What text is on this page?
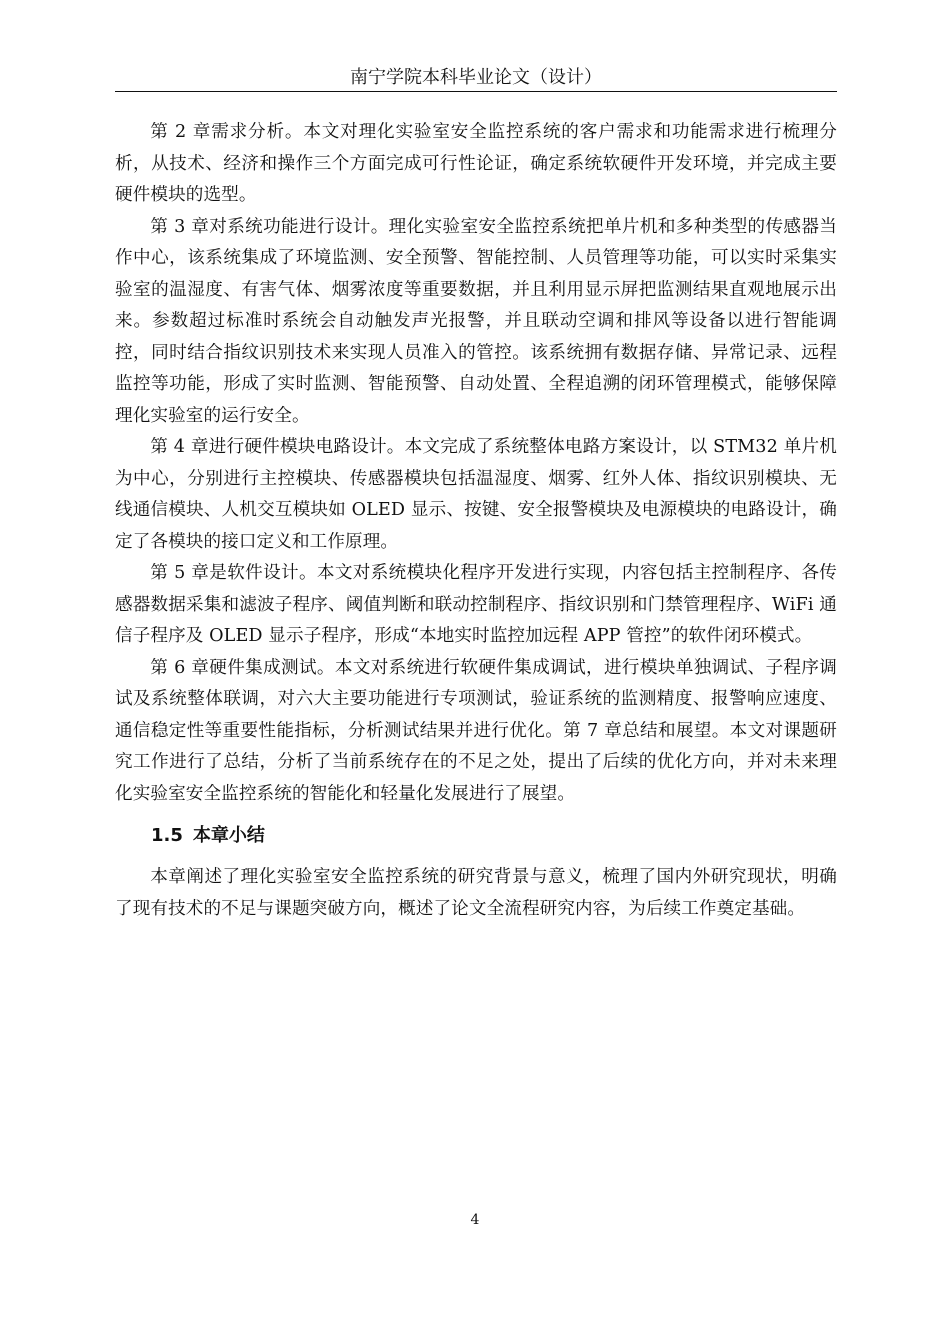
南宁学院本科毕业论文（设计）

第 2 章需求分析。本文对理化实验室安全监控系统的客户需求和功能需求进行梳理分析，从技术、经济和操作三个方面完成可行性论证，确定系统软硬件开发环境，并完成主要硬件模块的选型。

第 3 章对系统功能进行设计。理化实验室安全监控系统把单片机和多种类型的传感器当作中心，该系统集成了环境监测、安全预警、智能控制、人员管理等功能，可以实时采集实验室的温湿度、有害气体、烟雾浓度等重要数据，并且利用显示屏把监测结果直观地展示出来。参数超过标准时系统会自动触发声光报警，并且联动空调和排风等设备以进行智能调控，同时结合指纹识别技术来实现人员准入的管控。该系统拥有数据存储、异常记录、远程监控等功能，形成了实时监测、智能预警、自动处置、全程追溯的闭环管理模式，能够保障理化实验室的运行安全。

第 4 章进行硬件模块电路设计。本文完成了系统整体电路方案设计，以 STM32 单片机为中心，分别进行主控模块、传感器模块包括温湿度、烟雾、红外人体、指纹识别模块、无线通信模块、人机交互模块如 OLED 显示、按键、安全报警模块及电源模块的电路设计，确定了各模块的接口定义和工作原理。

第 5 章是软件设计。本文对系统模块化程序开发进行实现，内容包括主控制程序、各传感器数据采集和滤波子程序、阈值判断和联动控制程序、指纹识别和门禁管理程序、WiFi 通信子程序及 OLED 显示子程序，形成“本地实时监控加远程 APP 管控”的软件闭环模式。

第 6 章硬件集成测试。本文对系统进行软硬件集成调试，进行模块单独调试、子程序调试及系统整体联调，对六大主要功能进行专项测试，验证系统的监测精度、报警响应速度、通信稳定性等重要性能指标，分析测试结果并进行优化。第 7 章总结和展望。本文对课题研究工作进行了总结，分析了当前系统存在的不足之处，提出了后续的优化方向，并对未来理化实验室安全监控系统的智能化和轻量化发展进行了展望。

1.5 本章小结

本章阐述了理化实验室安全监控系统的研究背景与意义，梳理了国内外研究现状，明确了现有技术的不足与课题突破方向，概述了论文全流程研究内容，为后续工作奠定基础。

4
